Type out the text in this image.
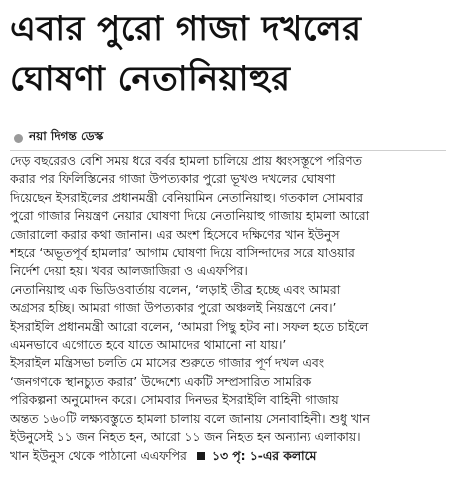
এবার পুরো গাজা দখলের
ঘোষণা নেতানিয়াহুর
নয়া দিগন্ত ডেস্ক

দেড় বছরেরও বেশি সময় ধরে বর্বর হামলা চালিয়ে প্রায় ধ্বংসস্তূপে পরিণত
করার পর ফিলিস্তিনের গাজা উপত্যকার পুরো ভূখণ্ড দখলের ঘোষণা
দিয়েছেন ইসরাইলের প্রধানমন্ত্রী বেনিয়ামিন নেতানিয়াহু। গতকাল সোমবার
পুরো গাজার নিয়ন্ত্রণ নেয়ার ঘোষণা দিয়ে নেতানিয়াহু গাজায় হামলা আরো
জোরালো করার কথা জানান। এর অংশ হিসেবে দক্ষিণের খান ইউনুস
শহরে ‘অভূতপূর্ব হামলার’ আগাম ঘোষণা দিয়ে বাসিন্দাদের সরে যাওয়ার
নির্দেশ দেয়া হয়। খবর আলজাজিরা ও এএফপির।

নেতানিয়াহু এক ভিডিওবার্তায় বলেন, ‘লড়াই তীব্র হচ্ছে এবং আমরা
অগ্রসর হচ্ছি। আমরা গাজা উপত্যকার পুরো অঞ্চলই নিয়ন্ত্রণে নেব।’
ইসরাইলি প্রধানমন্ত্রী আরো বলেন, ‘আমরা পিছু হটব না। সফল হতে চাইলে
এমনভাবে এগোতে হবে যাতে আমাদের থামানো না যায়।’

ইসরাইল মন্ত্রিসভা চলতি মে মাসের শুরুতে গাজার পূর্ণ দখল এবং
‘জনগণকে স্থানচ্যুত করার’ উদ্দেশ্যে একটি সম্প্রসারিত সামরিক
পরিকল্পনা অনুমোদন করে। সোমবার দিনভর ইসরাইলি বাহিনী গাজায়
অন্তত ১৬০টি লক্ষ্যবস্তুতে হামলা চালায় বলে জানায় সেনাবাহিনী। শুধু খান
ইউনুসেই ১১ জন নিহত হন, আরো ১১ জন নিহত হন অন্যান্য এলাকায়।

খান ইউনুস থেকে পাঠানো এএফপির ১৩ পৃ: ১-এর কলামে
